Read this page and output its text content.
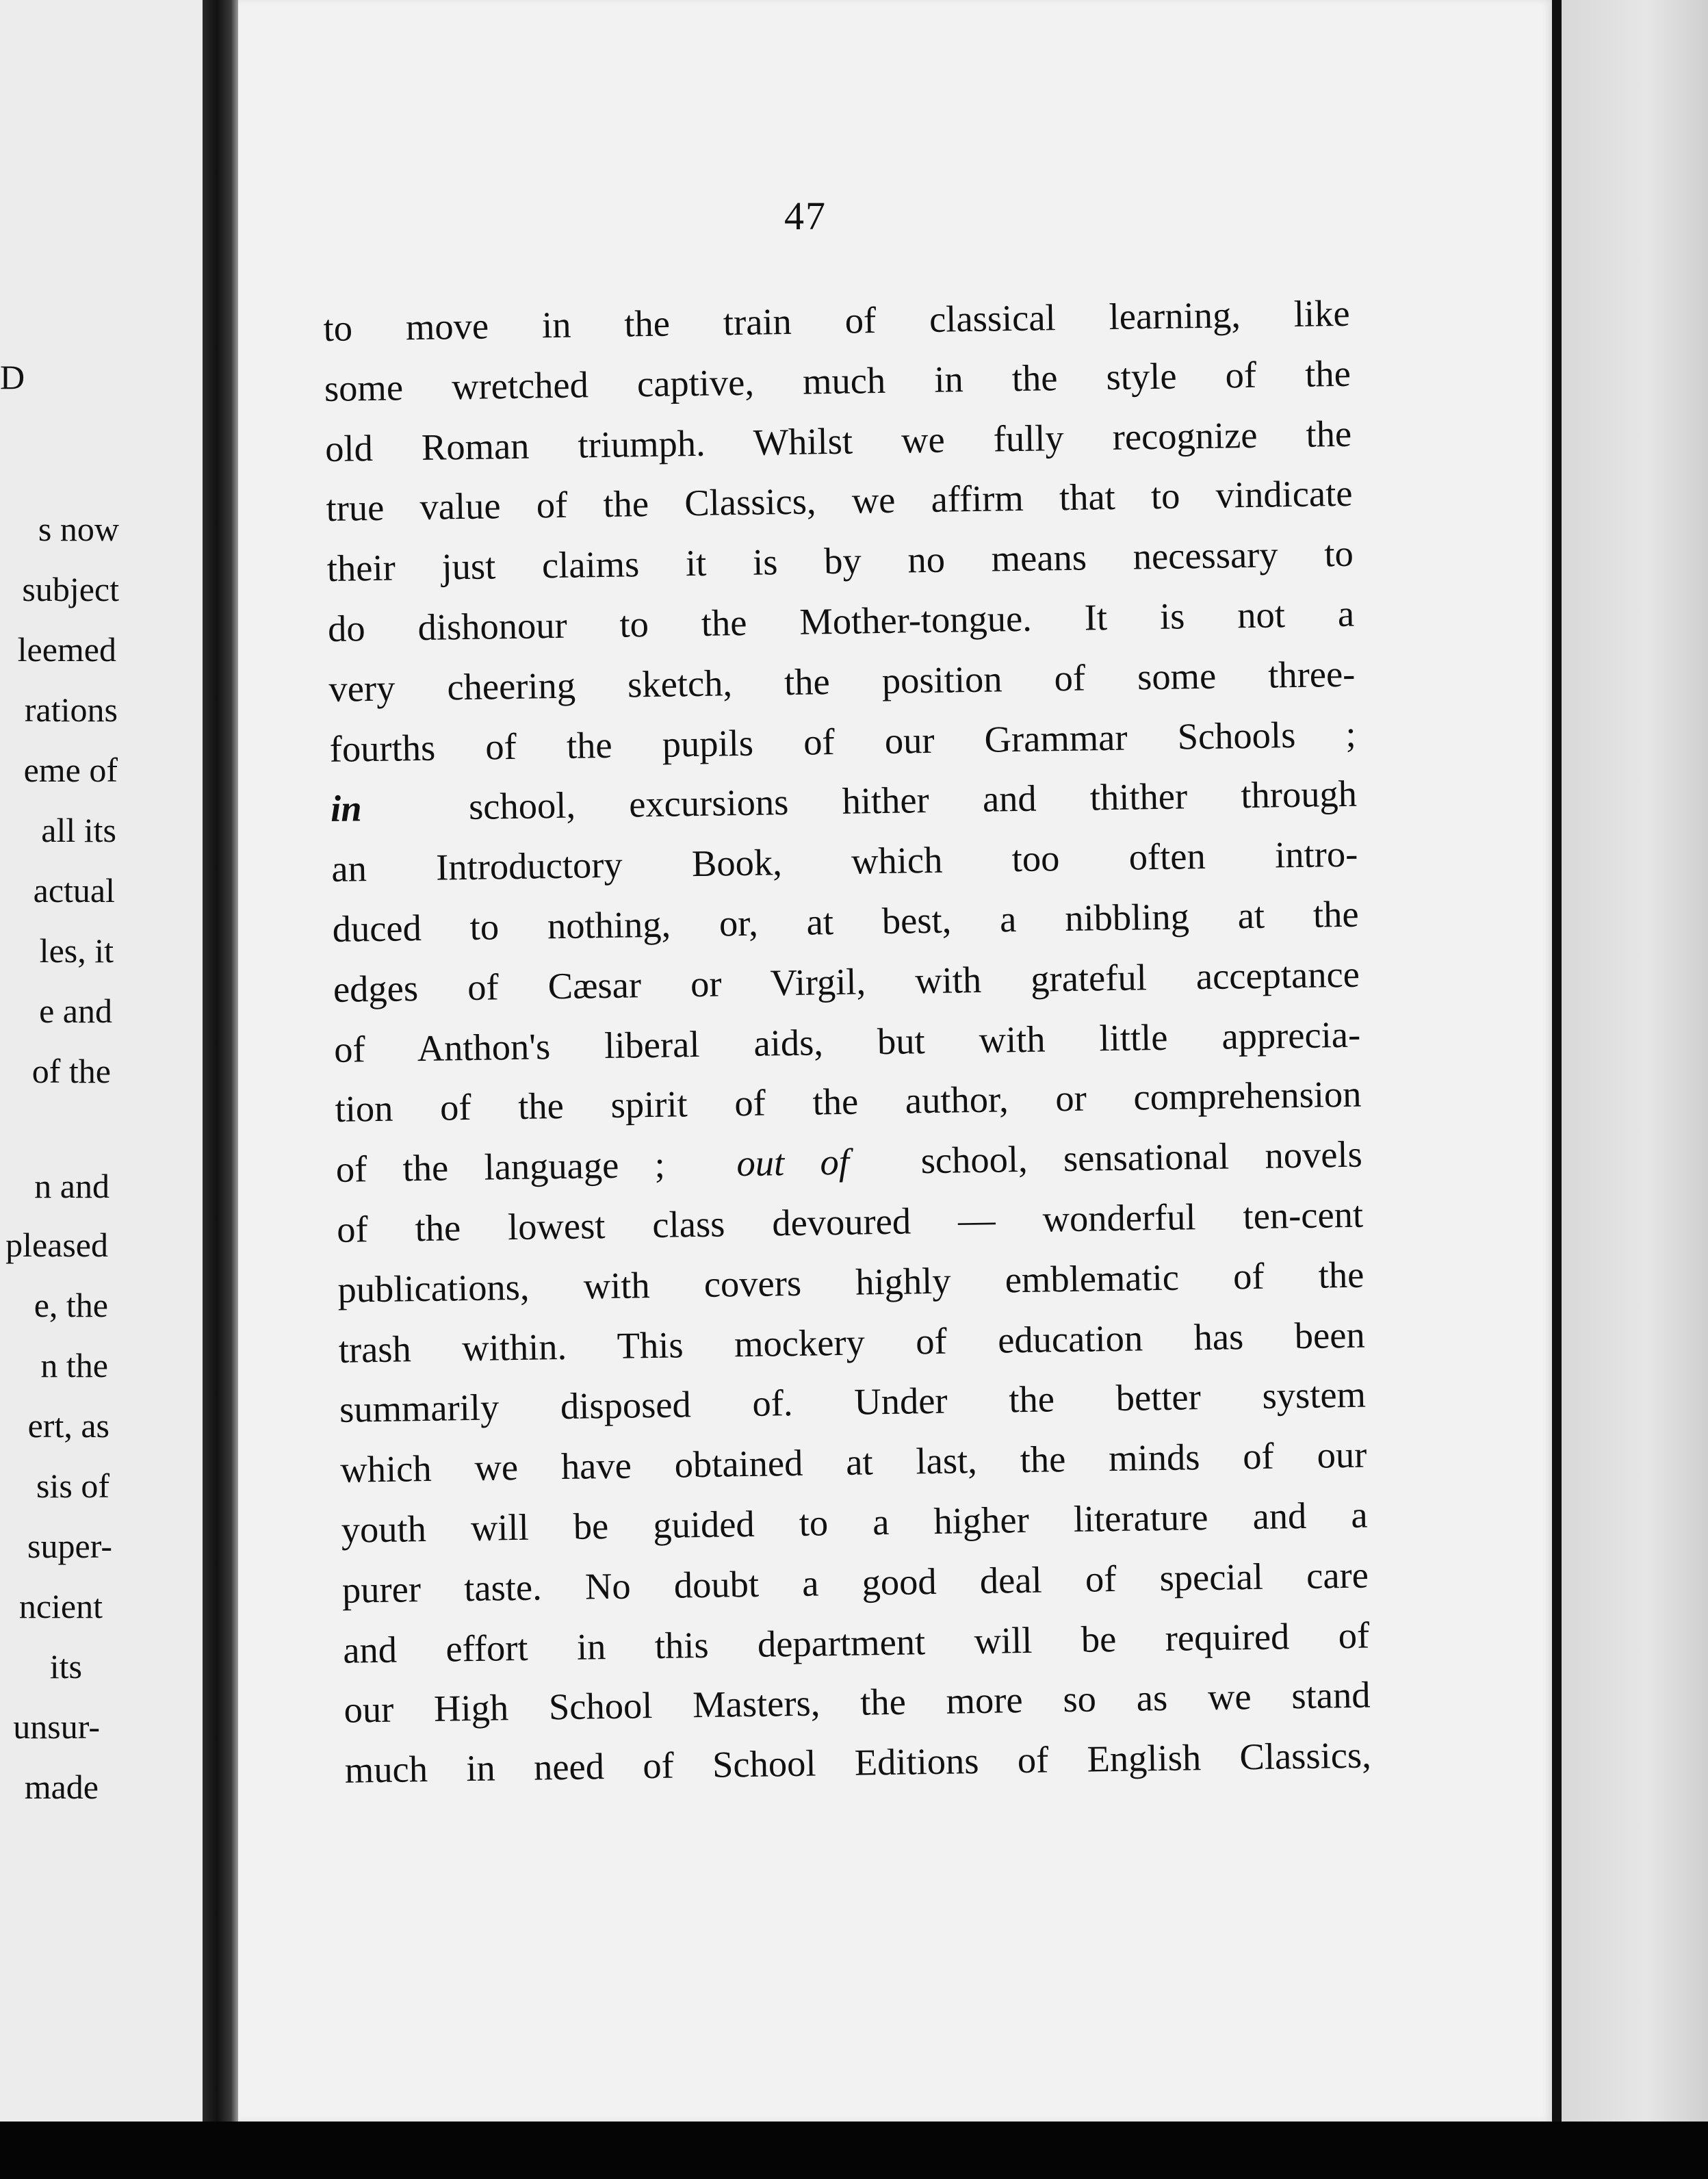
D
s now
subject
leemed
rations
eme of
all its
actual
les, it
e and
of the
n and
pleased
e, the
n the
ert, as
sis of
super-
ncient
its
unsur-
made
47
to move in the train of classical learning, like
some wretched captive, much in the style of the
old Roman triumph. Whilst we fully recognize the
true value of the Classics, we affirm that to vindicate
their just claims it is by no means necessary to
do dishonour to the Mother-tongue. It is not a
very cheering sketch, the position of some three-
fourths of the pupils of our Grammar Schools ;
in	school, excursions hither and thither through
an Introductory Book, which too often intro-
duced to nothing, or, at best, a nibbling at the
edges of Cæsar or Virgil, with grateful acceptance
of Anthon's liberal aids, but with little apprecia-
tion of the spirit of the author, or comprehension
of the language ; out of school, sensational novels
of the lowest class devoured — wonderful ten-cent
publications, with covers highly emblematic of the
trash within. This mockery of education has been
summarily disposed of. Under the better system
which we have obtained at last, the minds of our
youth will be guided to a higher literature and a
purer taste. No doubt a good deal of special care
and effort in this department will be required of
our High School Masters, the more so as we stand
much in need of School Editions of English Classics,
